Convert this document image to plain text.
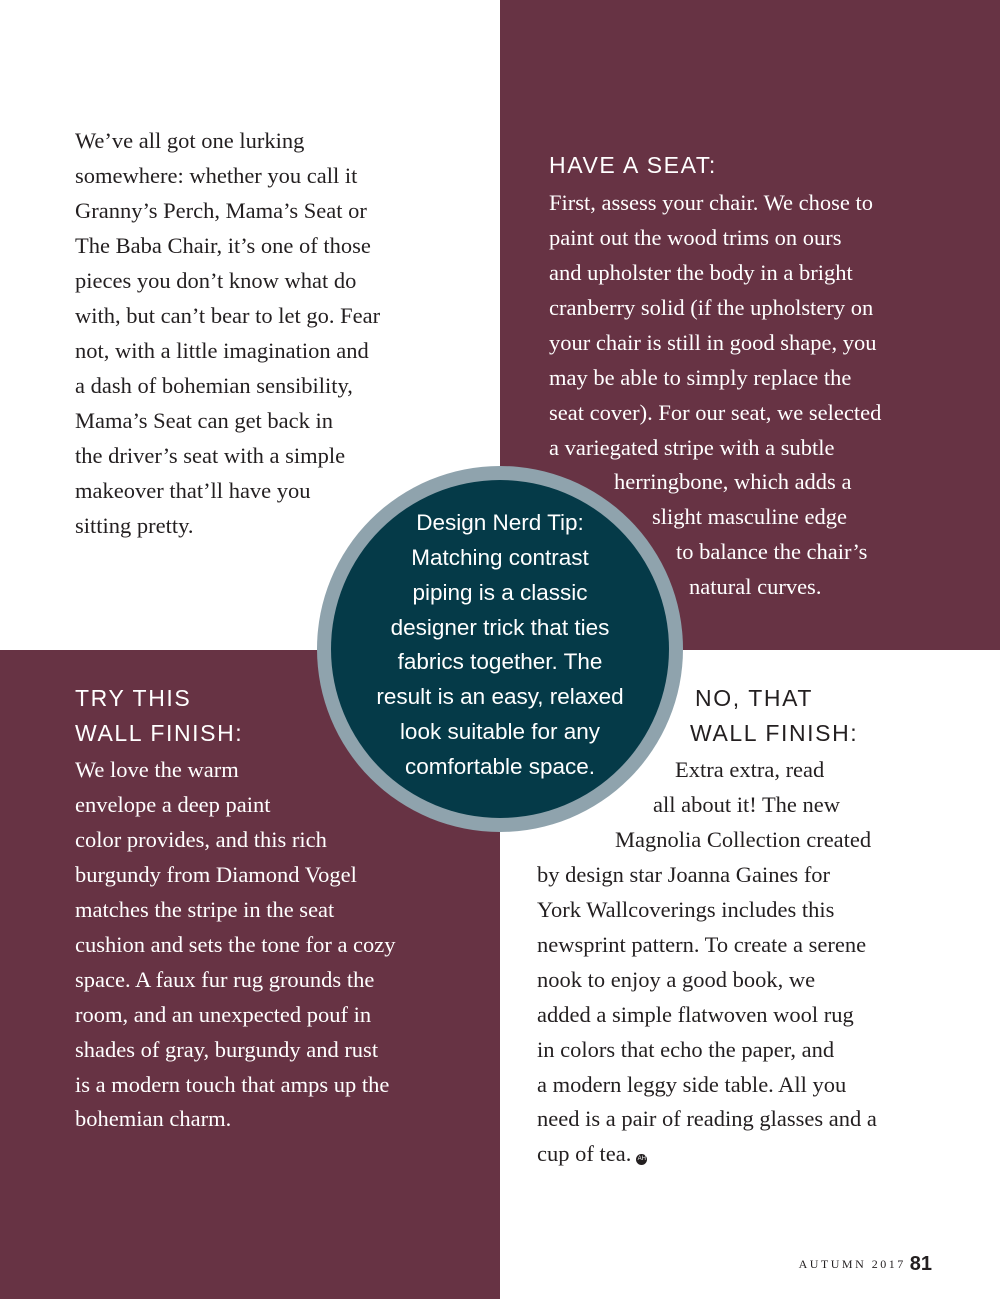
We’ve all got one lurking
somewhere: whether you call it
Granny’s Perch, Mama’s Seat or
The Baba Chair, it’s one of those
pieces you don’t know what do
with, but can’t bear to let go. Fear
not, with a little imagination and
a dash of bohemian sensibility,
Mama’s Seat can get back in
the driver’s seat with a simple
makeover that’ll have you
sitting pretty.
HAVE A SEAT:
First, assess your chair. We chose to
paint out the wood trims on ours
and upholster the body in a bright
cranberry solid (if the upholstery on
your chair is still in good shape, you
may be able to simply replace the
seat cover). For our seat, we selected
a variegated stripe with a subtle
herringbone, which adds a
slight masculine edge
to balance the chair’s
natural curves.
TRY THIS
WALL FINISH:
We love the warm
envelope a deep paint
color provides, and this rich
burgundy from Diamond Vogel
matches the stripe in the seat
cushion and sets the tone for a cozy
space. A faux fur rug grounds the
room, and an unexpected pouf in
shades of gray, burgundy and rust
is a modern touch that amps up the
bohemian charm.
NO, THAT
WALL FINISH:
Extra extra, read
all about it! The new
Magnolia Collection created
by design star Joanna Gaines for
York Wallcoverings includes this
newsprint pattern. To create a serene
nook to enjoy a good book, we
added a simple flatwoven wool rug
in colors that echo the paper, and
a modern leggy side table. All you
need is a pair of reading glasses and a
cup of tea. AH
Design Nerd Tip:
Matching contrast
piping is a classic
designer trick that ties
fabrics together. The
result is an easy, relaxed
look suitable for any
comfortable space.
AUTUMN 2017 81
